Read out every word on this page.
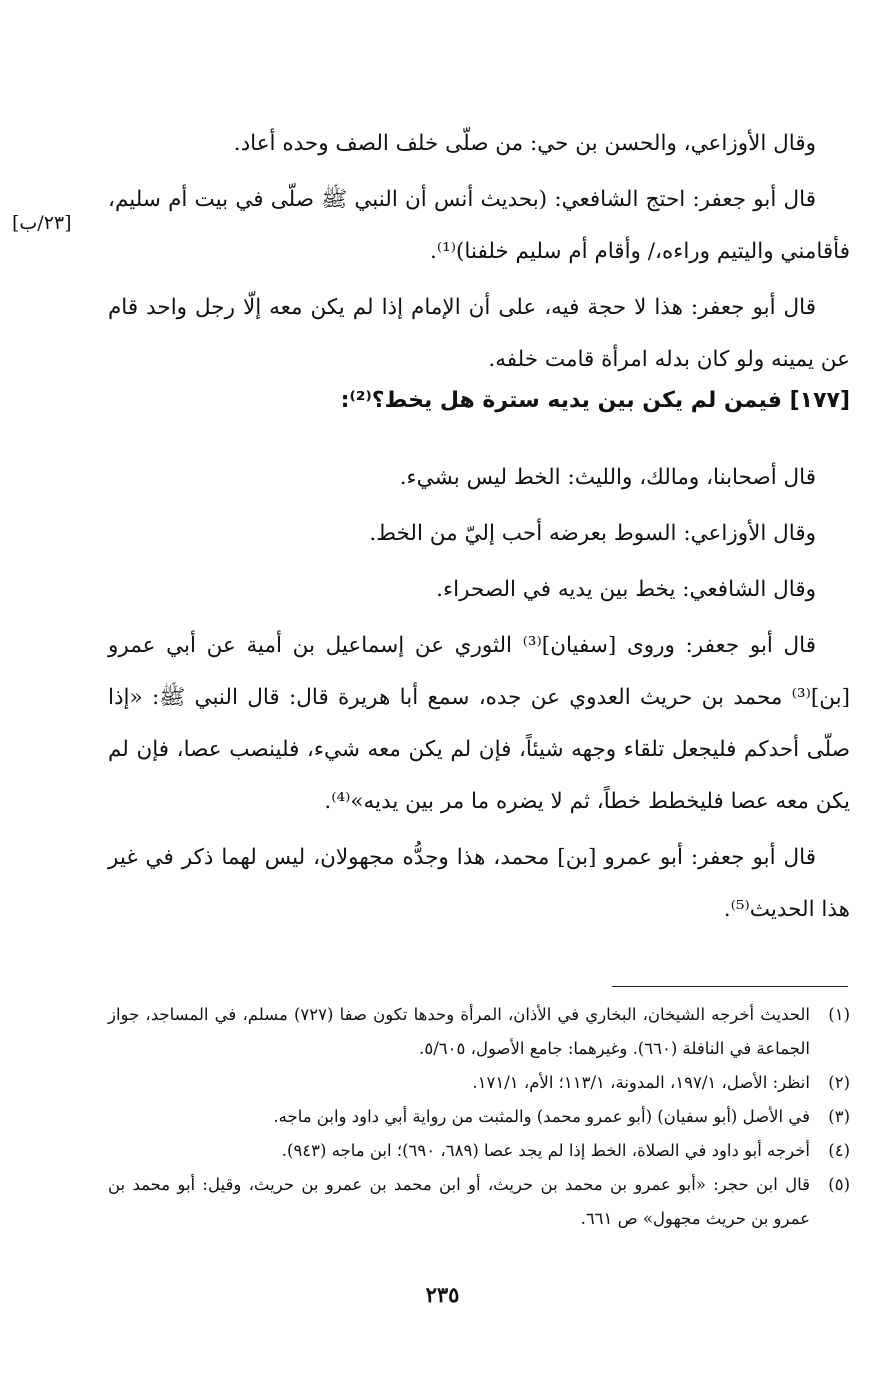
[٢٣/ب]

وقال الأوزاعي، والحسن بن حي: من صلّى خلف الصف وحده أعاد.

قال أبو جعفر: احتج الشافعي: (بحديث أنس أن النبي ﷺ صلّى في بيت أم سليم، فأقامني واليتيم وراءه،/ وأقام أم سليم خلفنا)⁽¹⁾.

قال أبو جعفر: هذا لا حجة فيه، على أن الإمام إذا لم يكن معه إلّا رجل واحد قام عن يمينه ولو كان بدله امرأة قامت خلفه.

[١٧٧] فيمن لم يكن بين يديه سترة هل يخط؟⁽²⁾:

قال أصحابنا، ومالك، والليث: الخط ليس بشيء.

وقال الأوزاعي: السوط بعرضه أحب إليّ من الخط.

وقال الشافعي: يخط بين يديه في الصحراء.

قال أبو جعفر: وروى [سفيان]⁽³⁾ الثوري عن إسماعيل بن أمية عن أبي عمرو [بن]⁽³⁾ محمد بن حريث العدوي عن جده، سمع أبا هريرة قال: قال النبي ﷺ: «إذا صلّى أحدكم فليجعل تلقاء وجهه شيئاً، فإن لم يكن معه شيء، فلينصب عصا، فإن لم يكن معه عصا فليخطط خطاً، ثم لا يضره ما مر بين يديه»⁽⁴⁾.

قال أبو جعفر: أبو عمرو [بن] محمد، هذا وجدُّه مجهولان، ليس لهما ذكر في غير هذا الحديث⁽⁵⁾.

(١)
الحديث أخرجه الشيخان، البخاري في الأذان، المرأة وحدها تكون صفا (٧٢٧) مسلم، في المساجد، جواز الجماعة في النافلة (٦٦٠). وغيرهما: جامع الأصول، ٥/٦٠٥.
(٢)
انظر: الأصل، ١٩٧/١، المدونة، ١١٣/١؛ الأم، ١٧١/١.
(٣)
في الأصل (أبو سفيان) (أبو عمرو محمد) والمثبت من رواية أبي داود وابن ماجه.
(٤)
أخرجه أبو داود في الصلاة، الخط إذا لم يجد عصا (٦٨٩، ٦٩٠)؛ ابن ماجه (٩٤٣).
(٥)
قال ابن حجر: «أبو عمرو بن محمد بن حريث، أو ابن محمد بن عمرو بن حريث، وقيل: أبو محمد بن عمرو بن حريث مجهول» ص ٦٦١.
٢٣٥
